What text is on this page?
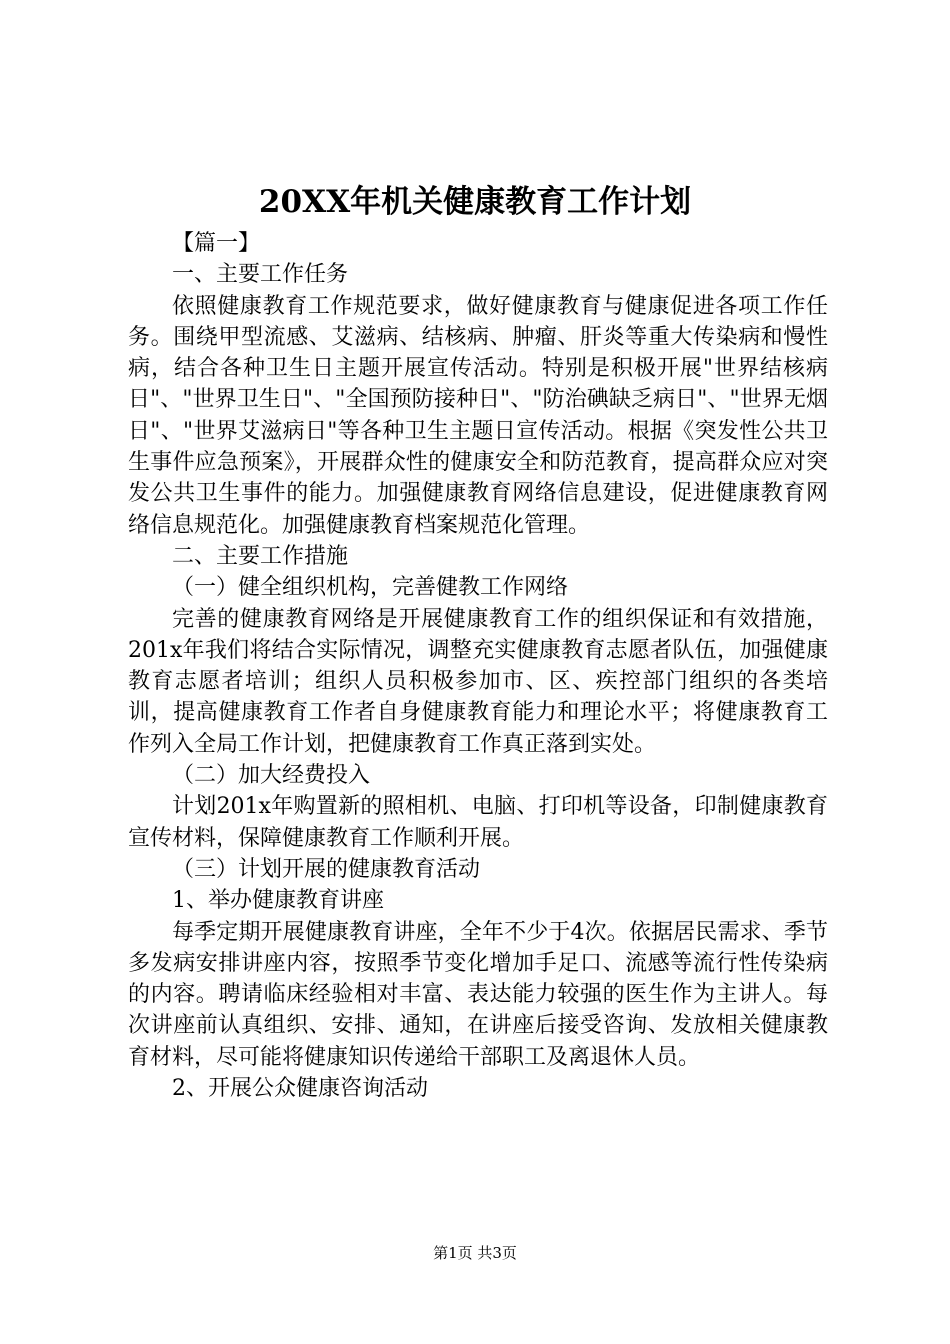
20XX年机关健康教育工作计划

【篇一】

一、主要工作任务

依照健康教育工作规范要求，做好健康教育与健康促进各项工作任务。围绕甲型流感、艾滋病、结核病、肿瘤、肝炎等重大传染病和慢性病，结合各种卫生日主题开展宣传活动。特别是积极开展"世界结核病日"、"世界卫生日"、"全国预防接种日"、"防治碘缺乏病日"、"世界无烟日"、"世界艾滋病日"等各种卫生主题日宣传活动。根据《突发性公共卫生事件应急预案》，开展群众性的健康安全和防范教育，提高群众应对突发公共卫生事件的能力。加强健康教育网络信息建设，促进健康教育网络信息规范化。加强健康教育档案规范化管理。

二、主要工作措施

（一）健全组织机构，完善健教工作网络

完善的健康教育网络是开展健康教育工作的组织保证和有效措施，201x年我们将结合实际情况，调整充实健康教育志愿者队伍，加强健康教育志愿者培训；组织人员积极参加市、区、疾控部门组织的各类培训，提高健康教育工作者自身健康教育能力和理论水平；将健康教育工作列入全局工作计划，把健康教育工作真正落到实处。

（二）加大经费投入

计划201x年购置新的照相机、电脑、打印机等设备，印制健康教育宣传材料，保障健康教育工作顺利开展。

（三）计划开展的健康教育活动

1、举办健康教育讲座

每季定期开展健康教育讲座，全年不少于4次。依据居民需求、季节多发病安排讲座内容，按照季节变化增加手足口、流感等流行性传染病的内容。聘请临床经验相对丰富、表达能力较强的医生作为主讲人。每次讲座前认真组织、安排、通知，在讲座后接受咨询、发放相关健康教育材料，尽可能将健康知识传递给干部职工及离退休人员。

2、开展公众健康咨询活动

第1页 共3页
